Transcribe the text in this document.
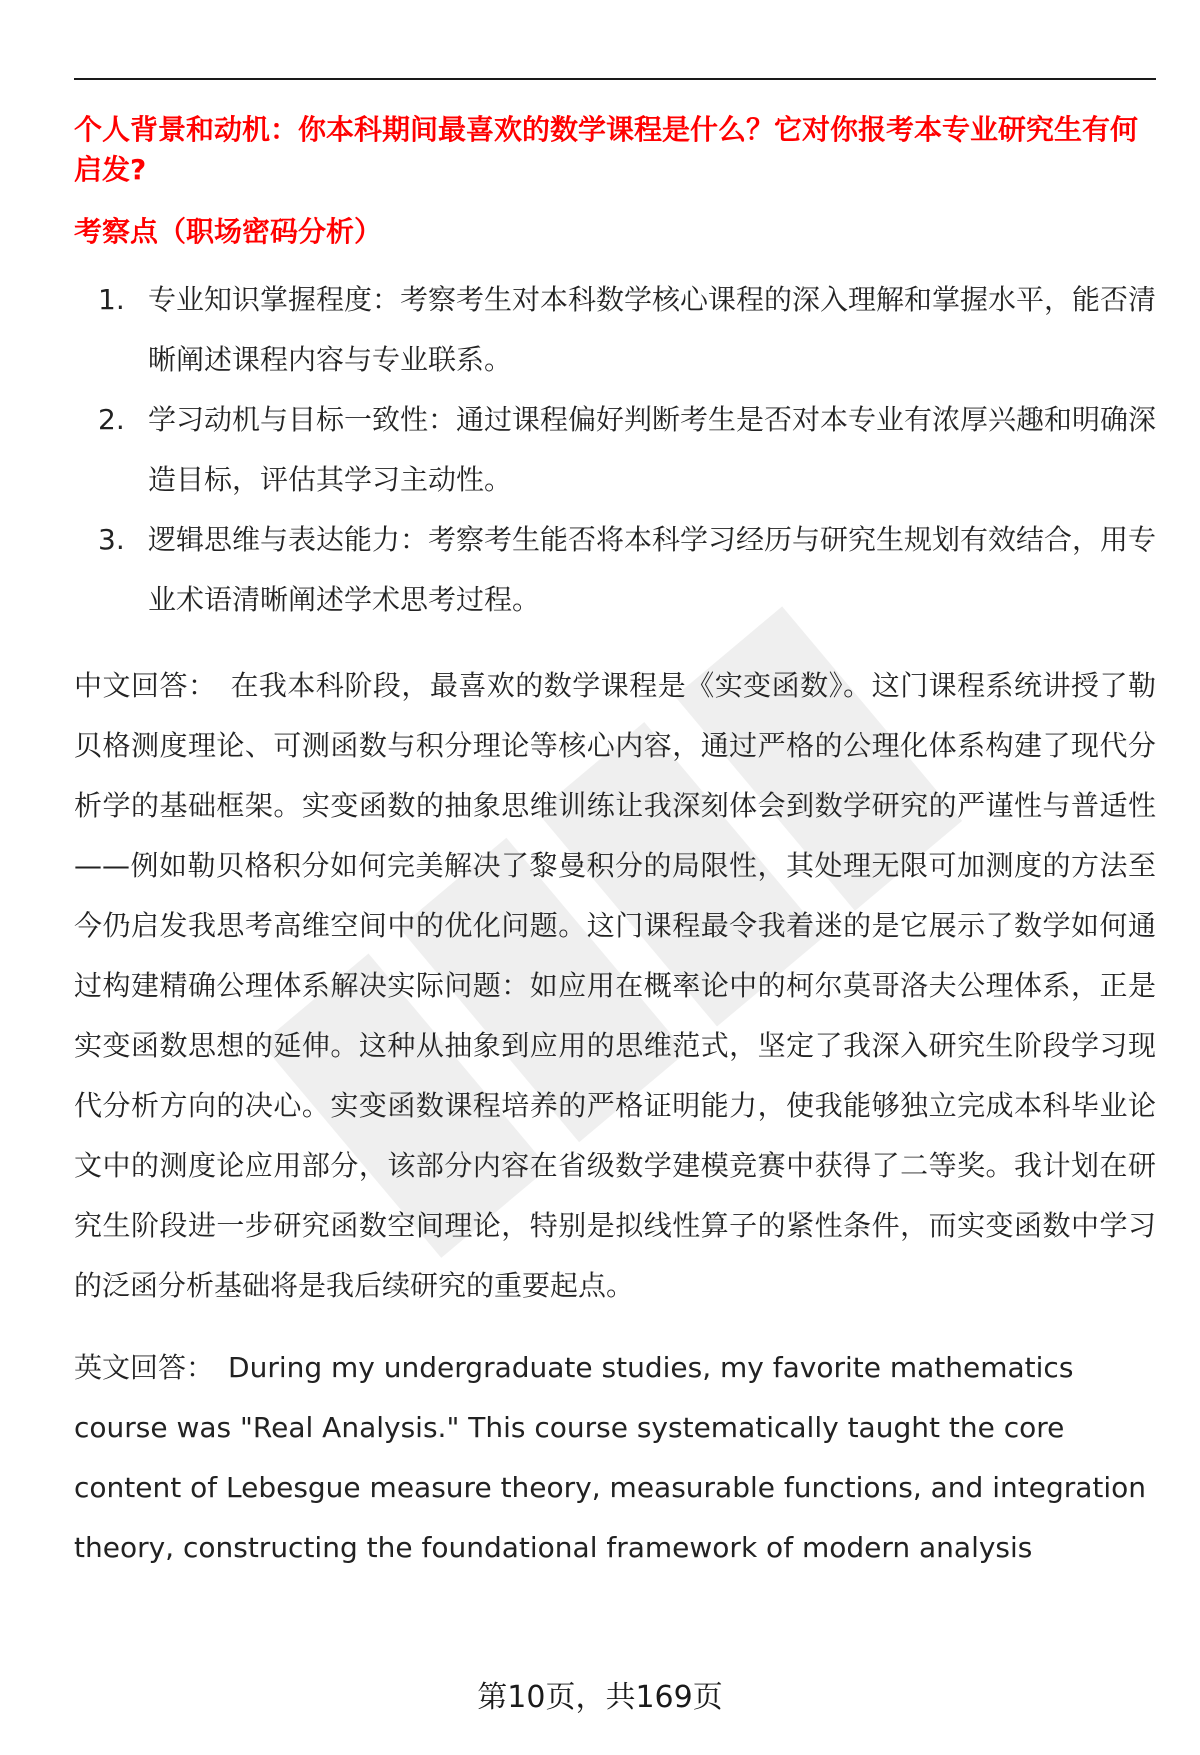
个人背景和动机：你本科期间最喜欢的数学课程是什么？它对你报考本专业研究生有何启发?

考察点（职场密码分析）

1. 专业知识掌握程度：考察考生对本科数学核心课程的深入理解和掌握水平，能否清晰阐述课程内容与专业联系。
2. 学习动机与目标一致性：通过课程偏好判断考生是否对本专业有浓厚兴趣和明确深造目标，评估其学习主动性。
3. 逻辑思维与表达能力：考察考生能否将本科学习经历与研究生规划有效结合，用专业术语清晰阐述学术思考过程。

中文回答： 在我本科阶段，最喜欢的数学课程是《实变函数》。这门课程系统讲授了勒贝格测度理论、可测函数与积分理论等核心内容，通过严格的公理化体系构建了现代分析学的基础框架。实变函数的抽象思维训练让我深刻体会到数学研究的严谨性与普适性——例如勒贝格积分如何完美解决了黎曼积分的局限性，其处理无限可加测度的方法至今仍启发我思考高维空间中的优化问题。这门课程最令我着迷的是它展示了数学如何通过构建精确公理体系解决实际问题：如应用在概率论中的柯尔莫哥洛夫公理体系，正是实变函数思想的延伸。这种从抽象到应用的思维范式，坚定了我深入研究生阶段学习现代分析方向的决心。实变函数课程培养的严格证明能力，使我能够独立完成本科毕业论文中的测度论应用部分，该部分内容在省级数学建模竞赛中获得了二等奖。我计划在研究生阶段进一步研究函数空间理论，特别是拟线性算子的紧性条件，而实变函数中学习的泛函分析基础将是我后续研究的重要起点。

英文回答： During my undergraduate studies, my favorite mathematics course was "Real Analysis." This course systematically taught the core content of Lebesgue measure theory, measurable functions, and integration theory, constructing the foundational framework of modern analysis

第10页，共169页
